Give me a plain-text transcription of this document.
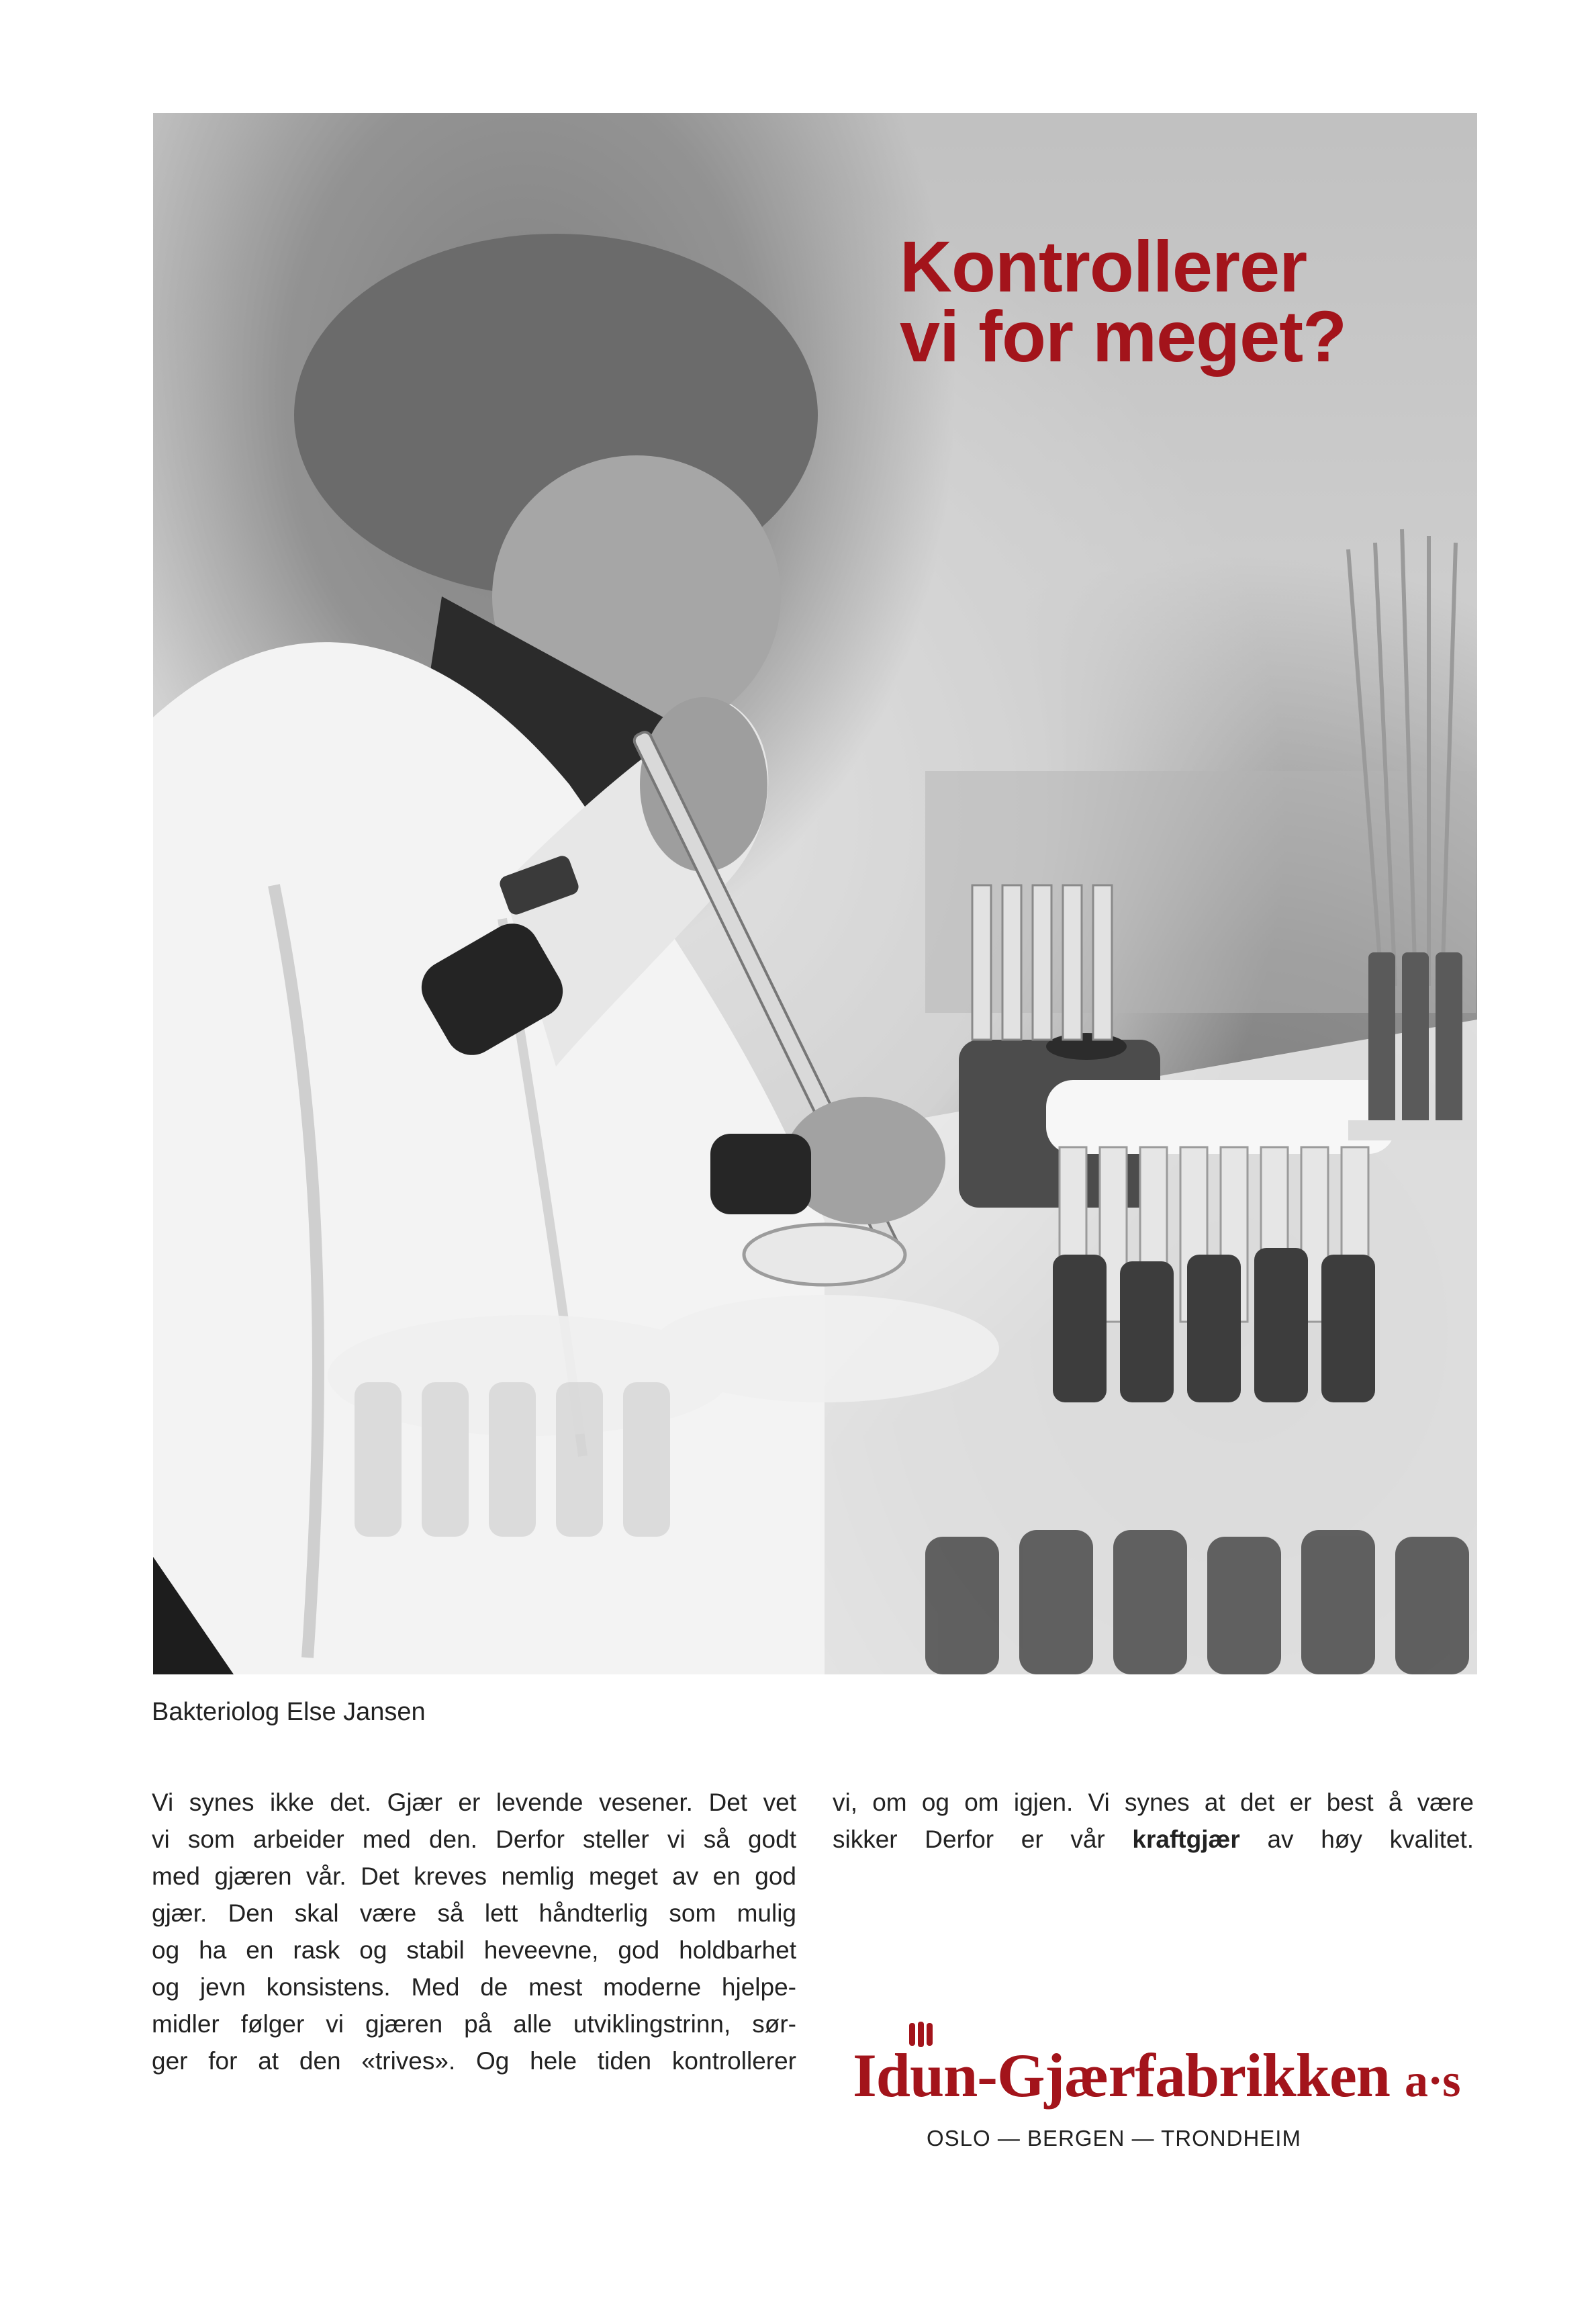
Kontrollerer
vi for meget?

Bakteriolog Else Jansen

Vi synes ikke det. Gjær er levende vesener. Det vet
vi som arbeider med den. Derfor steller vi så godt
med gjæren vår. Det kreves nemlig meget av en god
gjær. Den skal være så lett håndterlig som mulig
og ha en rask og stabil heveevne, god holdbarhet
og jevn konsistens. Med de mest moderne hjelpe-
midler følger vi gjæren på alle utviklingstrinn, sør-
ger for at den «trives». Og hele tiden kontrollerer
vi, om og om igjen. Vi synes at det er best å være
sikker Derfor er vår kraftgjær av høy kvalitet.

Idun-Gjærfabrikken a·s

OSLO — BERGEN — TRONDHEIM
